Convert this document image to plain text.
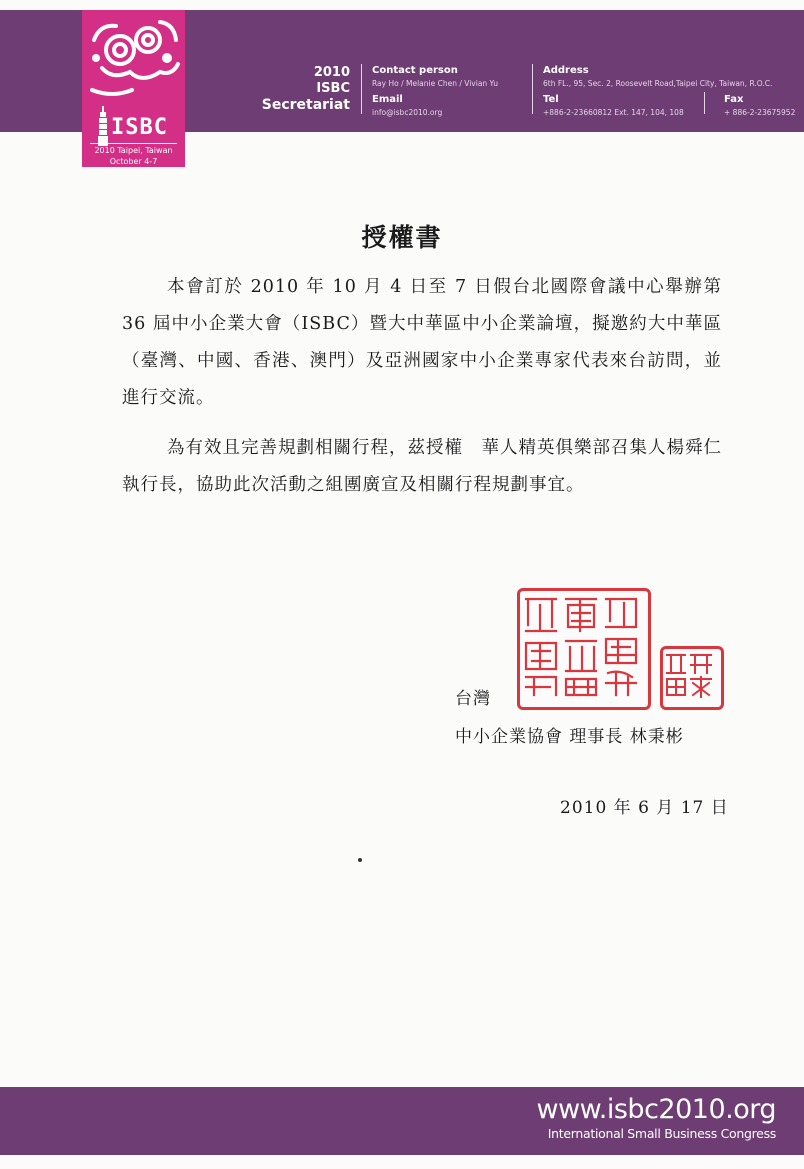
ISBC
2010 Taipei, Taiwan
October 4-7
2010
ISBC
Secretariat
Contact person
Ray Ho / Melanie Chen / Vivian Yu
Email
info@isbc2010.org
Address
6th FL., 95, Sec. 2, Roosevelt Road,Taipei City, Taiwan, R.O.C.
Tel
+886-2-23660812 Ext. 147, 104, 108
Fax
+ 886-2-23675952
授權書
本會訂於 2010 年 10 月 4 日至 7 日假台北國際會議中心舉辦第 36 屆中小企業大會（ISBC）暨大中華區中小企業論壇，擬邀約大中華區（臺灣、中國、香港、澳門）及亞洲國家中小企業專家代表來台訪問，並進行交流。
為有效且完善規劃相關行程，茲授權　華人精英俱樂部召集人楊舜仁 執行長，協助此次活動之組團廣宣及相關行程規劃事宜。
台灣
中小企業協會 理事長 林秉彬
2010 年 6 月 17 日
www.isbc2010.org
International Small Business Congress
